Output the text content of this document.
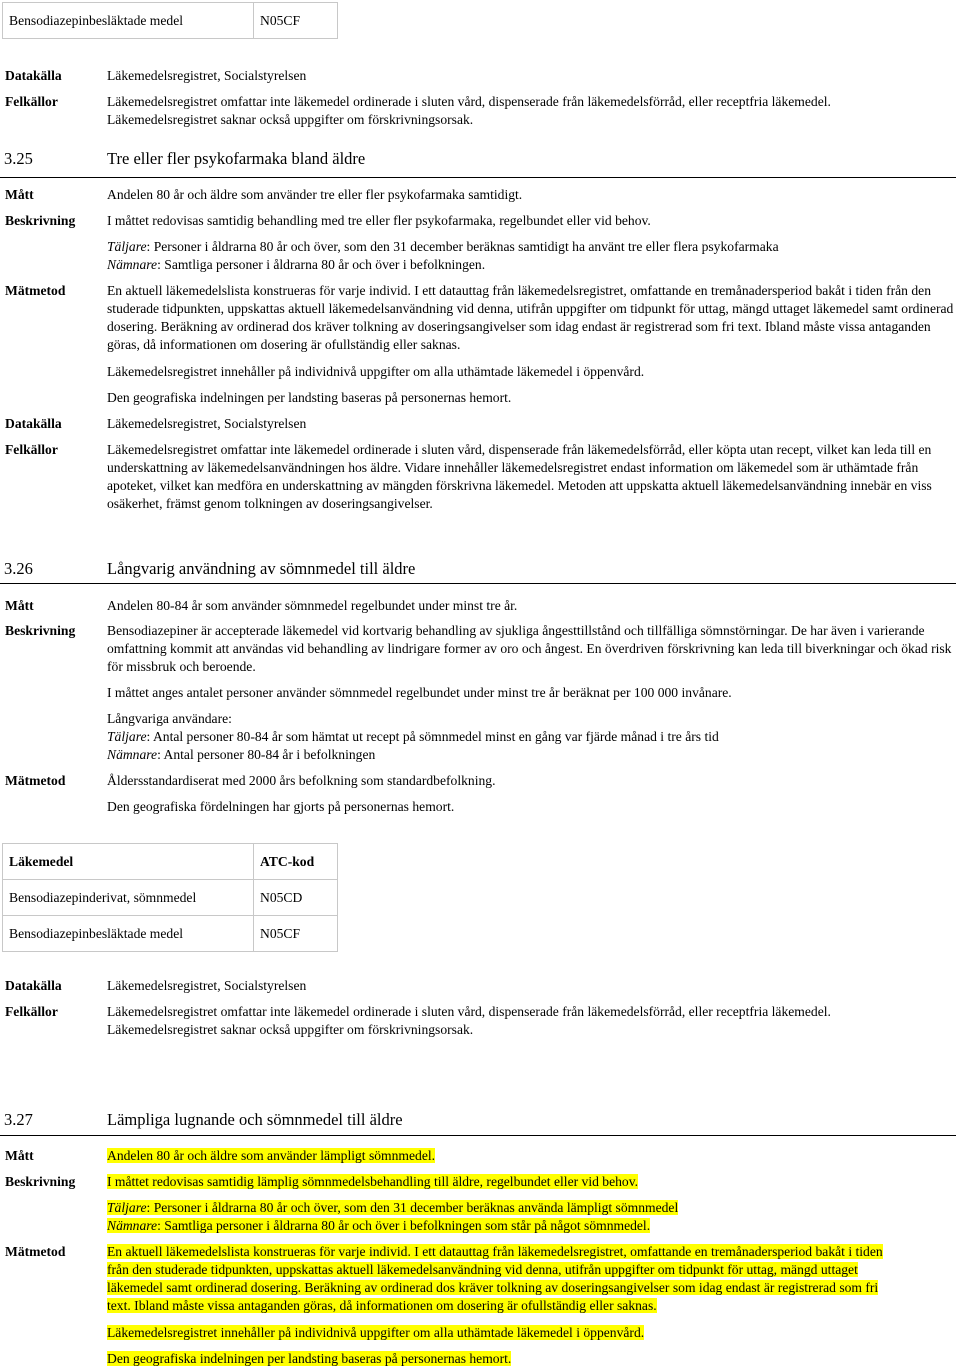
Bensodiazepinbesläktade medel	N05CF
Datakälla	Läkemedelsregistret, Socialstyrelsen
Felkällor	Läkemedelsregistret omfattar inte läkemedel ordinerade i sluten vård, dispenserade från läkemedelsförråd, eller receptfria läkemedel.
Läkemedelsregistret saknar också uppgifter om förskrivningsorsak.
3.25	Tre eller fler psykofarmaka bland äldre
Mått	Andelen 80 år och äldre som använder tre eller fler psykofarmaka samtidigt.
Beskrivning I måttet redovisas samtidig behandling med tre eller fler psykofarmaka, regelbundet eller vid behov.
Täljare: Personer i åldrarna 80 år och över, som den 31 december beräknas samtidigt ha använt tre eller flera psykofarmaka
Nämnare: Samtliga personer i åldrarna 80 år och över i befolkningen.
Mätmetod	En aktuell läkemedelslista konstrueras för varje individ. I ett datauttag från läkemedelsregistret, omfattande en tremånadersperiod bakåt i tiden från den studerade tidpunkten, uppskattas aktuell läkemedelsanvändning vid denna, utifrån uppgifter om tidpunkt för uttag, mängd uttaget läkemedel samt ordinerad dosering. Beräkning av ordinerad dos kräver tolkning av doseringsangivelser som idag endast är registrerad som fri text. Ibland måste vissa antaganden göras, då informationen om dosering är ofullständig eller saknas.
Läkemedelsregistret innehåller på individnivå uppgifter om alla uthämtade läkemedel i öppenvård.
Den geografiska indelningen per landsting baseras på personernas hemort.
Datakälla	Läkemedelsregistret, Socialstyrelsen
Felkällor	Läkemedelsregistret omfattar inte läkemedel ordinerade i sluten vård, dispenserade från läkemedelsförråd, eller köpta utan recept, vilket kan leda till en underskattning av läkemedelsanvändningen hos äldre. Vidare innehåller läkemedelsregistret endast information om läkemedel som är uthämtade från apoteket, vilket kan medföra en underskattning av mängden förskrivna läkemedel. Metoden att uppskatta aktuell läkemedelsanvändning innebär en viss osäkerhet, främst genom tolkningen av doseringsangivelser.
3.26	Långvarig användning av sömnmedel till äldre
Mått	Andelen 80-84 år som använder sömnmedel regelbundet under minst tre år.
Beskrivning Bensodiazepiner är accepterade läkemedel vid kortvarig behandling av sjukliga ångesttillstånd och tillfälliga sömnstörningar. De har även i varierande omfattning kommit att användas vid behandling av lindrigare former av oro och ångest. En överdriven förskrivning kan leda till biverkningar och ökad risk för missbruk och beroende.
I måttet anges antalet personer använder sömnmedel regelbundet under minst tre år beräknat per 100 000 invånare.
Långvariga användare:
Täljare: Antal personer 80-84 år som hämtat ut recept på sömnmedel minst en gång var fjärde månad i tre års tid
Nämnare: Antal personer 80-84 år i befolkningen
Mätmetod	Åldersstandardiserat med 2000 års befolkning som standardbefolkning.
Den geografiska fördelningen har gjorts på personernas hemort.
Läkemedel	ATC-kod
Bensodiazepinderivat, sömnmedel	N05CD
Bensodiazepinbesläktade medel	N05CF
Datakälla	Läkemedelsregistret, Socialstyrelsen
Felkällor	Läkemedelsregistret omfattar inte läkemedel ordinerade i sluten vård, dispenserade från läkemedelsförråd, eller receptfria läkemedel.
Läkemedelsregistret saknar också uppgifter om förskrivningsorsak.
3.27	Lämpliga lugnande och sömnmedel till äldre
Mått	Andelen 80 år och äldre som använder lämpligt sömnmedel.
Beskrivning I måttet redovisas samtidig lämplig sömnmedelsbehandling till äldre, regelbundet eller vid behov.
Täljare: Personer i åldrarna 80 år och över, som den 31 december beräknas använda lämpligt sömnmedel
Nämnare: Samtliga personer i åldrarna 80 år och över i befolkningen som står på något sömnmedel.
Mätmetod	En aktuell läkemedelslista konstrueras för varje individ. I ett datauttag från läkemedelsregistret, omfattande en tremånadersperiod bakåt i tiden
från den studerade tidpunkten, uppskattas aktuell läkemedelsanvändning vid denna, utifrån uppgifter om tidpunkt för uttag, mängd uttaget
läkemedel samt ordinerad dosering. Beräkning av ordinerad dos kräver tolkning av doseringsangivelser som idag endast är registrerad som fri
text. Ibland måste vissa antaganden göras, då informationen om dosering är ofullständig eller saknas.
Läkemedelsregistret innehåller på individnivå uppgifter om alla uthämtade läkemedel i öppenvård.
Den geografiska indelningen per landsting baseras på personernas hemort.
